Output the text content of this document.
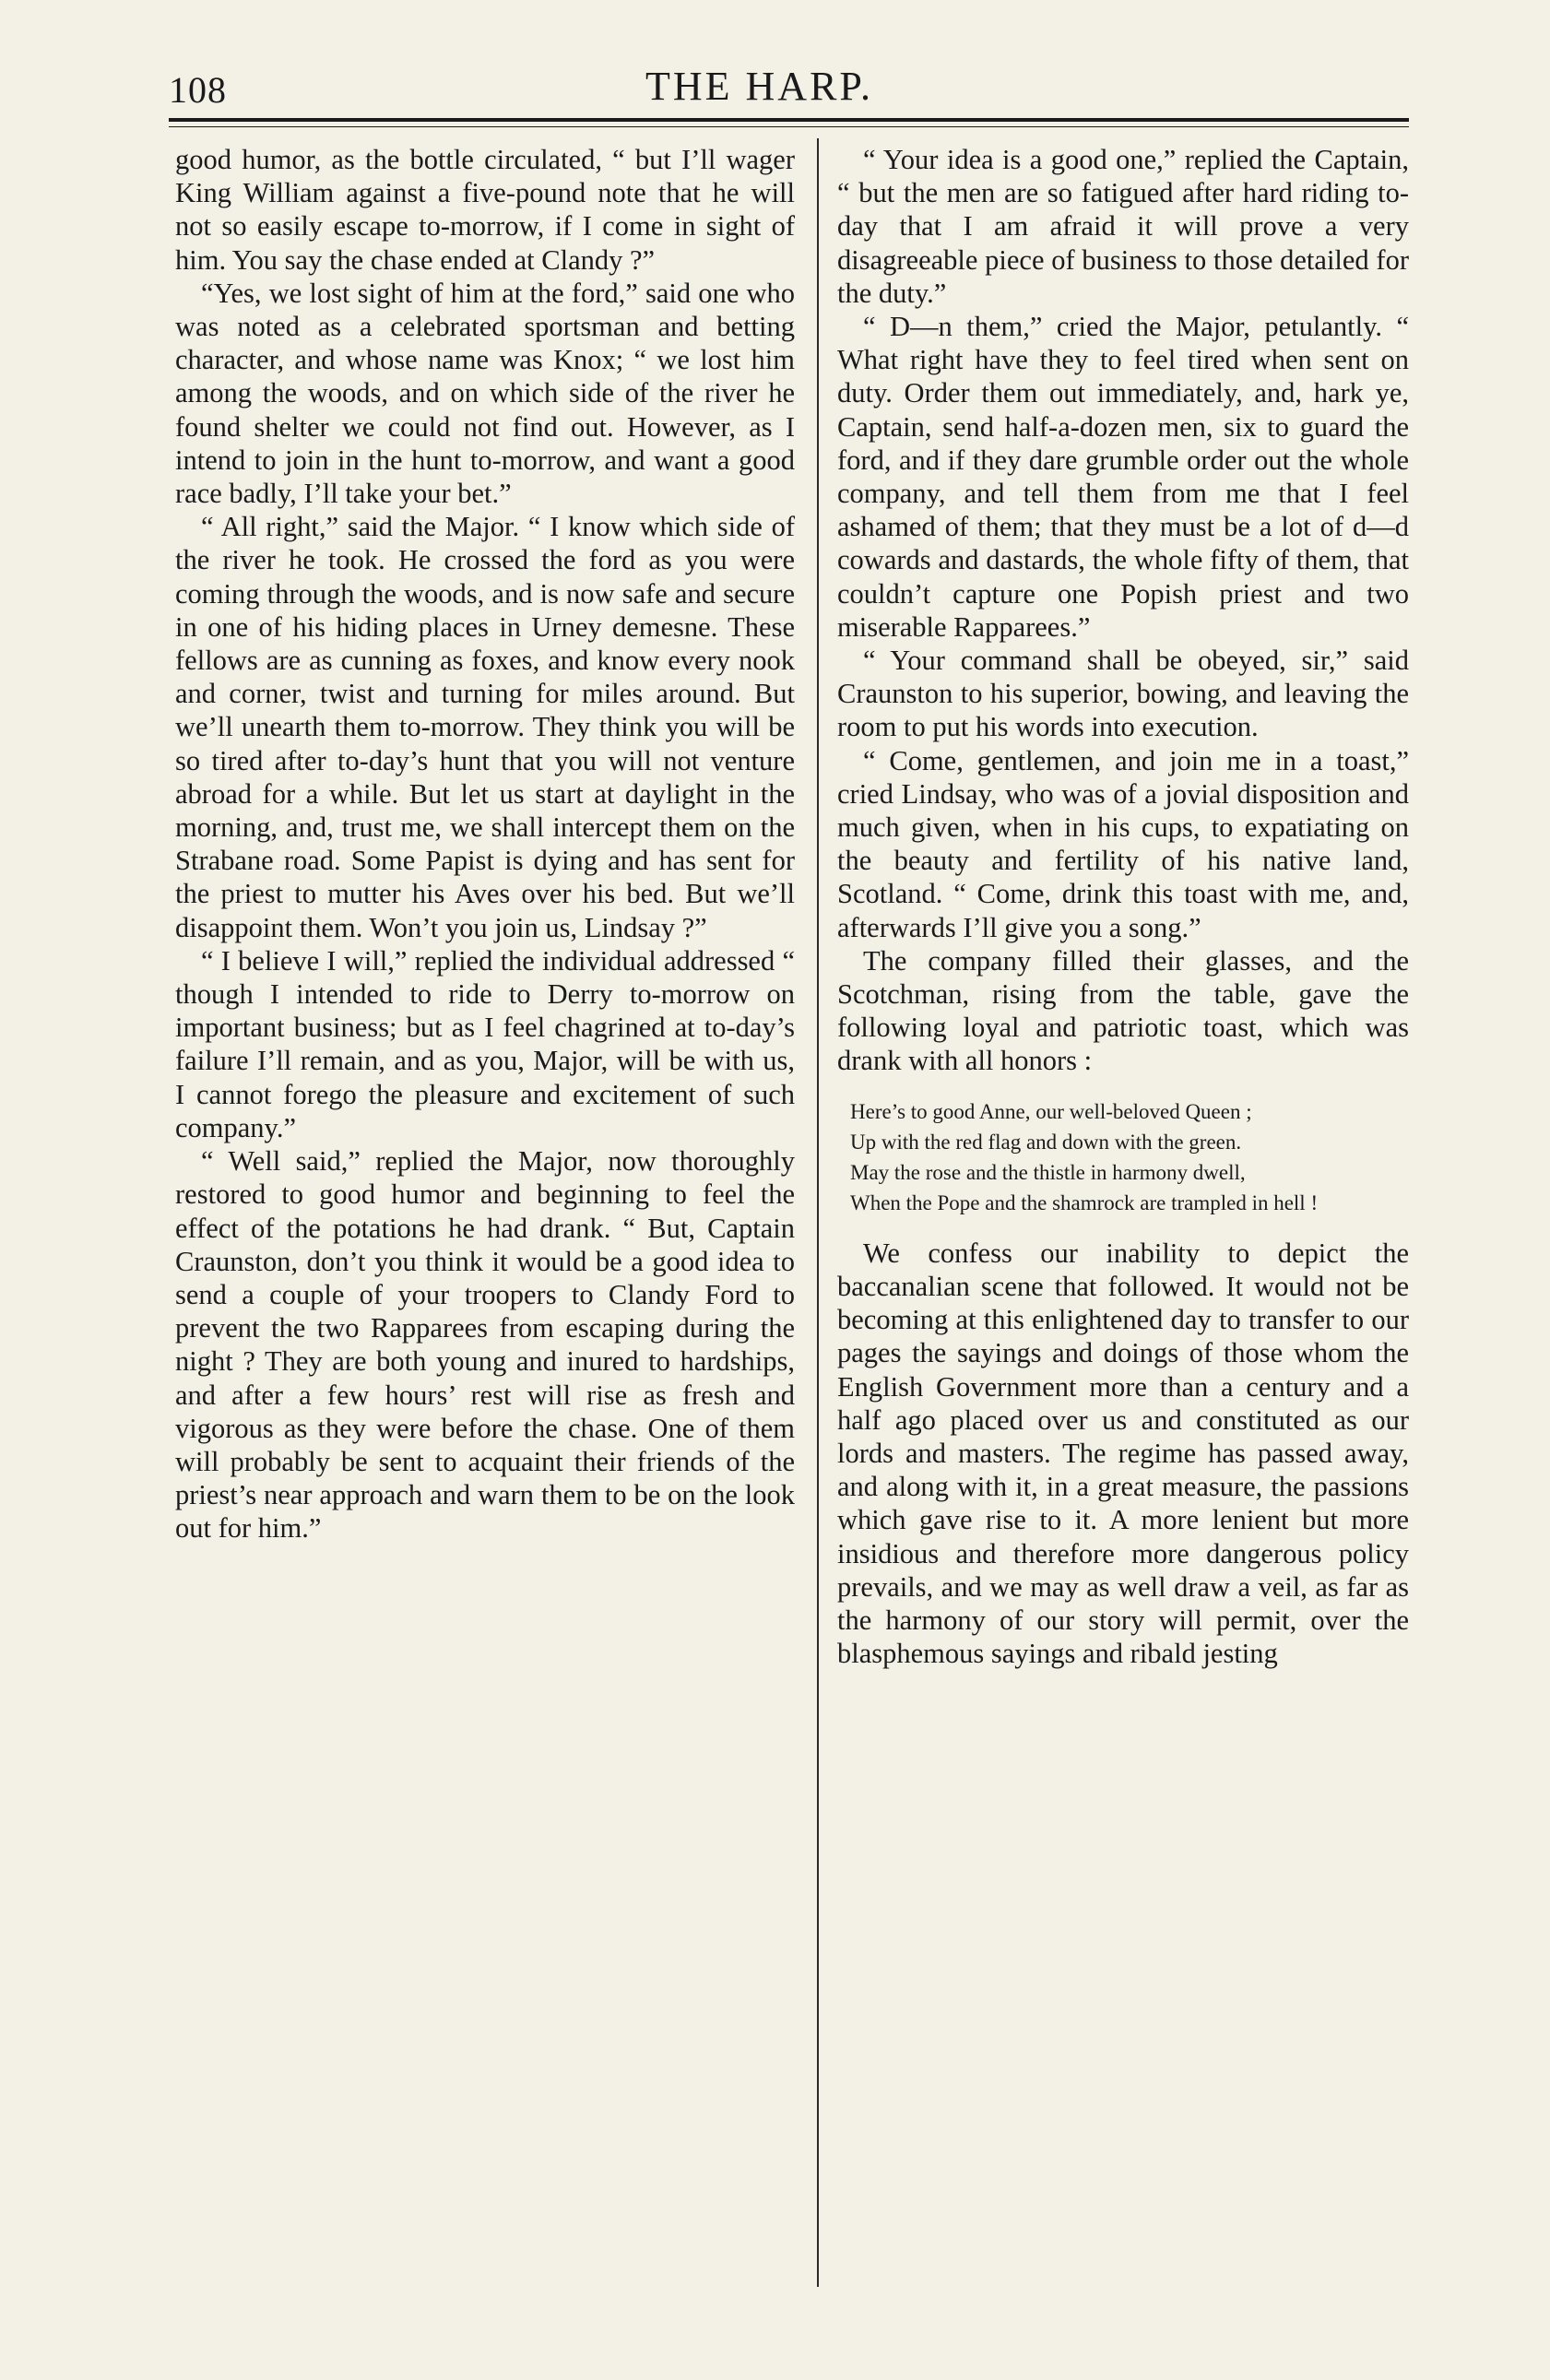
108	THE HARP.

good humor, as the bottle circulated, “ but I’ll wager King William against a five-pound note that he will not so easily escape to-morrow, if I come in sight of him. You say the chase ended at Clandy ?”

“Yes, we lost sight of him at the ford,” said one who was noted as a celebrated sportsman and betting character, and whose name was Knox; “ we lost him among the woods, and on which side of the river he found shelter we could not find out. However, as I intend to join in the hunt to-morrow, and want a good race badly, I’ll take your bet.”

“ All right,” said the Major. “ I know which side of the river he took. He crossed the ford as you were coming through the woods, and is now safe and secure in one of his hiding places in Urney demesne. These fellows are as cunning as foxes, and know every nook and corner, twist and turning for miles around. But we’ll unearth them to-morrow. They think you will be so tired after to-day’s hunt that you will not venture abroad for a while. But let us start at daylight in the morning, and, trust me, we shall intercept them on the Strabane road. Some Papist is dying and has sent for the priest to mutter his Aves over his bed. But we’ll disappoint them. Won’t you join us, Lindsay ?”

“ I believe I will,” replied the individual addressed “ though I intended to ride to Derry to-morrow on important business; but as I feel chagrined at to-day’s failure I’ll remain, and as you, Major, will be with us, I cannot forego the pleasure and excitement of such company.”

“ Well said,” replied the Major, now thoroughly restored to good humor and beginning to feel the effect of the potations he had drank. “ But, Captain Craunston, don’t you think it would be a good idea to send a couple of your troopers to Clandy Ford to prevent the two Rapparees from escaping during the night ? They are both young and inured to hardships, and after a few hours’ rest will rise as fresh and vigorous as they were before the chase. One of them will probably be sent to acquaint their friends of the priest’s near approach and warn them to be on the look out for him.”

“ Your idea is a good one,” replied the Captain, “ but the men are so fatigued after hard riding to-day that I am afraid it will prove a very disagreeable piece of business to those detailed for the duty.”

“ D—n them,” cried the Major, petulantly. “ What right have they to feel tired when sent on duty. Order them out immediately, and, hark ye, Captain, send half-a-dozen men, six to guard the ford, and if they dare grumble order out the whole company, and tell them from me that I feel ashamed of them; that they must be a lot of d—d cowards and dastards, the whole fifty of them, that couldn’t capture one Popish priest and two miserable Rapparees.”

“ Your command shall be obeyed, sir,” said Craunston to his superior, bowing, and leaving the room to put his words into execution.

“ Come, gentlemen, and join me in a toast,” cried Lindsay, who was of a jovial disposition and much given, when in his cups, to expatiating on the beauty and fertility of his native land, Scotland. “ Come, drink this toast with me, and, afterwards I’ll give you a song.”

The company filled their glasses, and the Scotchman, rising from the table, gave the following loyal and patriotic toast, which was drank with all honors :

Here’s to good Anne, our well-beloved Queen ;
Up with the red flag and down with the green.
May the rose and the thistle in harmony dwell,
When the Pope and the shamrock are trampled in hell !

We confess our inability to depict the baccanalian scene that followed. It would not be becoming at this enlightened day to transfer to our pages the sayings and doings of those whom the English Government more than a century and a half ago placed over us and constituted as our lords and masters. The regime has passed away, and along with it, in a great measure, the passions which gave rise to it. A more lenient but more insidious and therefore more dangerous policy prevails, and we may as well draw a veil, as far as the harmony of our story will permit, over the blasphemous sayings and ribald jesting
